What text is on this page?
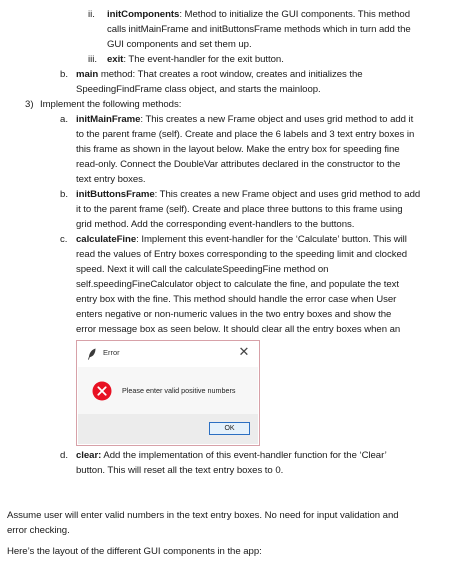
ii. initComponents: Method to initialize the GUI components. This method
calls initMainFrame and initButtonsFrame methods which in turn add the
GUI components and set them up.
iii. exit: The event-handler for the exit button.
b. main method: That creates a root window, creates and initializes the
SpeedingFindFrame class object, and starts the mainloop.
3) Implement the following methods:
a. initMainFrame: This creates a new Frame object and uses grid method to add it
to the parent frame (self). Create and place the 6 labels and 3 text entry boxes in
this frame as shown in the layout below. Make the entry box for speeding fine
read-only. Connect the DoubleVar attributes declared in the constructor to the
text entry boxes.
b. initButtonsFrame: This creates a new Frame object and uses grid method to add
it to the parent frame (self). Create and place three buttons to this frame using
grid method. Add the corresponding event-handlers to the buttons.
c. calculateFine: Implement this event-handler for the ‘Calculate’ button. This will
read the values of Entry boxes corresponding to the speeding limit and clocked
speed. Next it will call the calculateSpeedingFine method on
self.speedingFineCalculator object to calculate the fine, and populate the text
entry box with the fine. This method should handle the error case when User
enters negative or non-numeric values in the two entry boxes and show the
error message box as seen below. It should clear all the entry boxes when an
Error	✕
Please enter valid positive numbers
OK
d. clear: Add the implementation of this event-handler function for the ‘Clear’
button. This will reset all the text entry boxes to 0.
Assume user will enter valid numbers in the text entry boxes. No need for input validation and
error checking.
Here’s the layout of the different GUI components in the app:
